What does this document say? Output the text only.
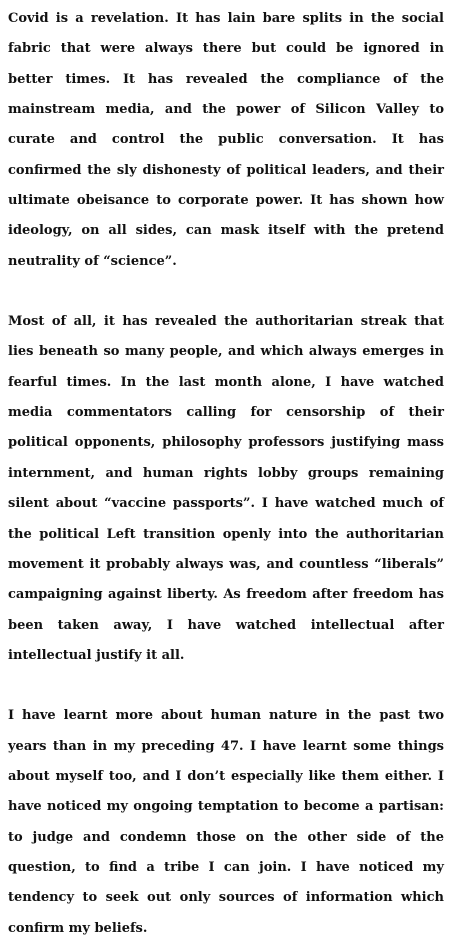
Covid is a revelation. It has lain bare splits in the social fabric that were always there but could be ignored in better times. It has revealed the compliance of the mainstream media, and the power of Silicon Valley to curate and control the public conversation. It has confirmed the sly dishonesty of political leaders, and their ultimate obeisance to corporate power. It has shown how ideology, on all sides, can mask itself with the pretend neutrality of “science”.

Most of all, it has revealed the authoritarian streak that lies beneath so many people, and which always emerges in fearful times. In the last month alone, I have watched media commentators calling for censorship of their political opponents, philosophy professors justifying mass internment, and human rights lobby groups remaining silent about “vaccine passports”. I have watched much of the political Left transition openly into the authoritarian movement it probably always was, and countless “liberals” campaigning against liberty. As freedom after freedom has been taken away, I have watched intellectual after intellectual justify it all.

I have learnt more about human nature in the past two years than in my preceding 47. I have learnt some things about myself too, and I don’t especially like them either. I have noticed my ongoing temptation to become a partisan: to judge and condemn those on the other side of the question, to find a tribe I can join. I have noticed my tendency to seek out only sources of information which confirm my beliefs.
